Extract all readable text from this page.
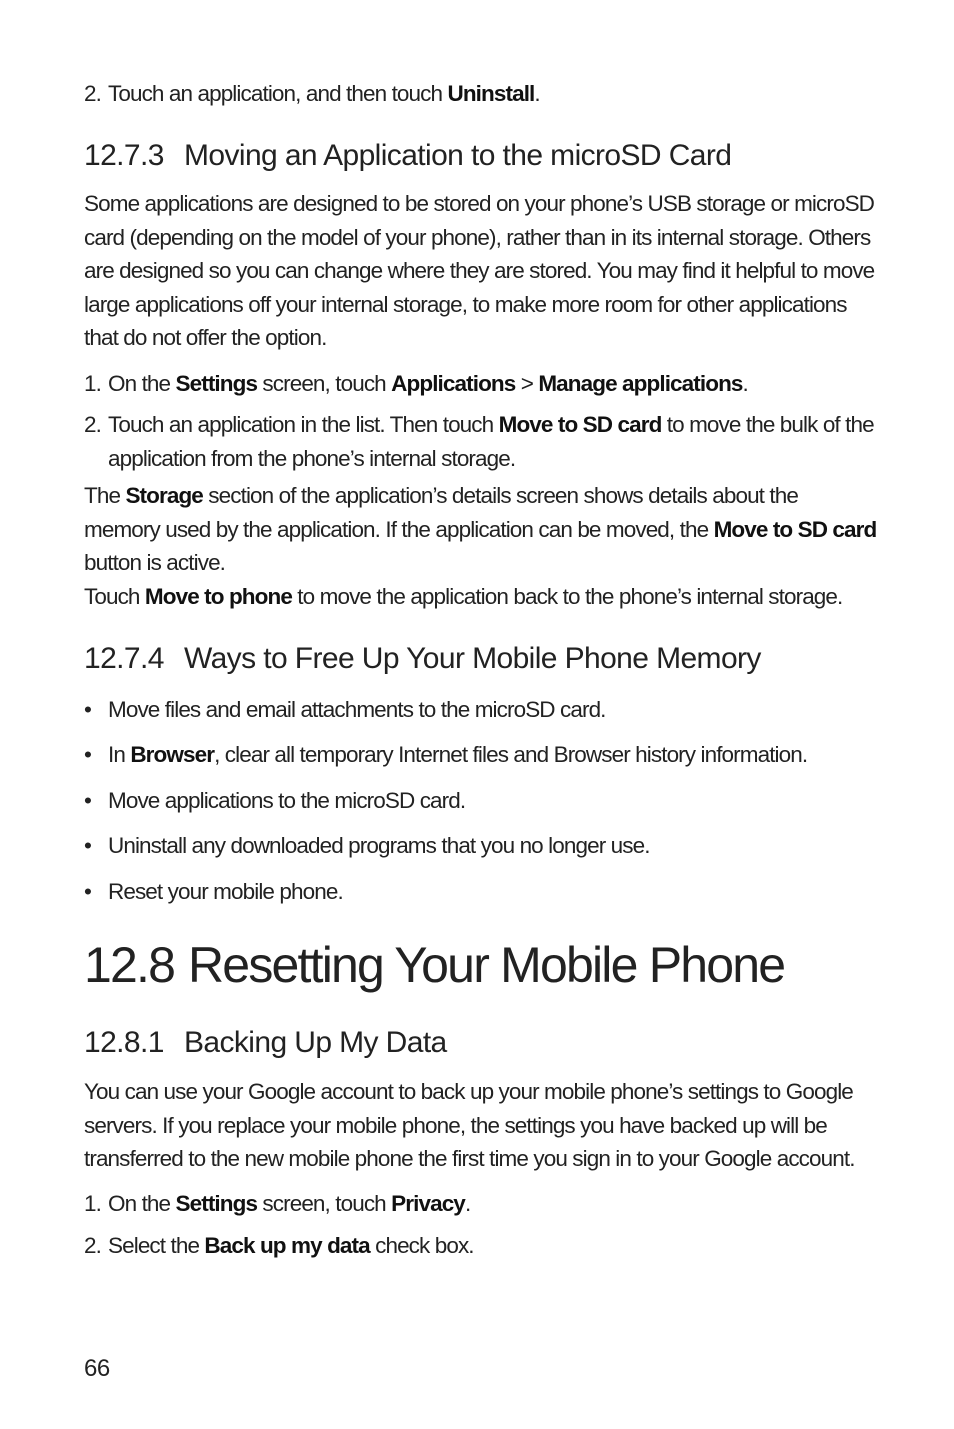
2. Touch an application, and then touch Uninstall.
12.7.3 Moving an Application to the microSD Card

Some applications are designed to be stored on your phone’s USB storage or microSD card (depending on the model of your phone), rather than in its internal storage. Others are designed so you can change where they are stored. You may find it helpful to move large applications off your internal storage, to make more room for other applications that do not offer the option.

1. On the Settings screen, touch Applications > Manage applications.
2. Touch an application in the list. Then touch Move to SD card to move the bulk of the application from the phone’s internal storage.

The Storage section of the application’s details screen shows details about the memory used by the application. If the application can be moved, the Move to SD card button is active.

Touch Move to phone to move the application back to the phone’s internal storage.

12.7.4 Ways to Free Up Your Mobile Phone Memory
• Move files and email attachments to the microSD card.
• In Browser, clear all temporary Internet files and Browser history information.
• Move applications to the microSD card.
• Uninstall any downloaded programs that you no longer use.
• Reset your mobile phone.
12.8 Resetting Your Mobile Phone
12.8.1 Backing Up My Data

You can use your Google account to back up your mobile phone’s settings to Google servers. If you replace your mobile phone, the settings you have backed up will be transferred to the new mobile phone the first time you sign in to your Google account.

1. On the Settings screen, touch Privacy.
2. Select the Back up my data check box.
66
